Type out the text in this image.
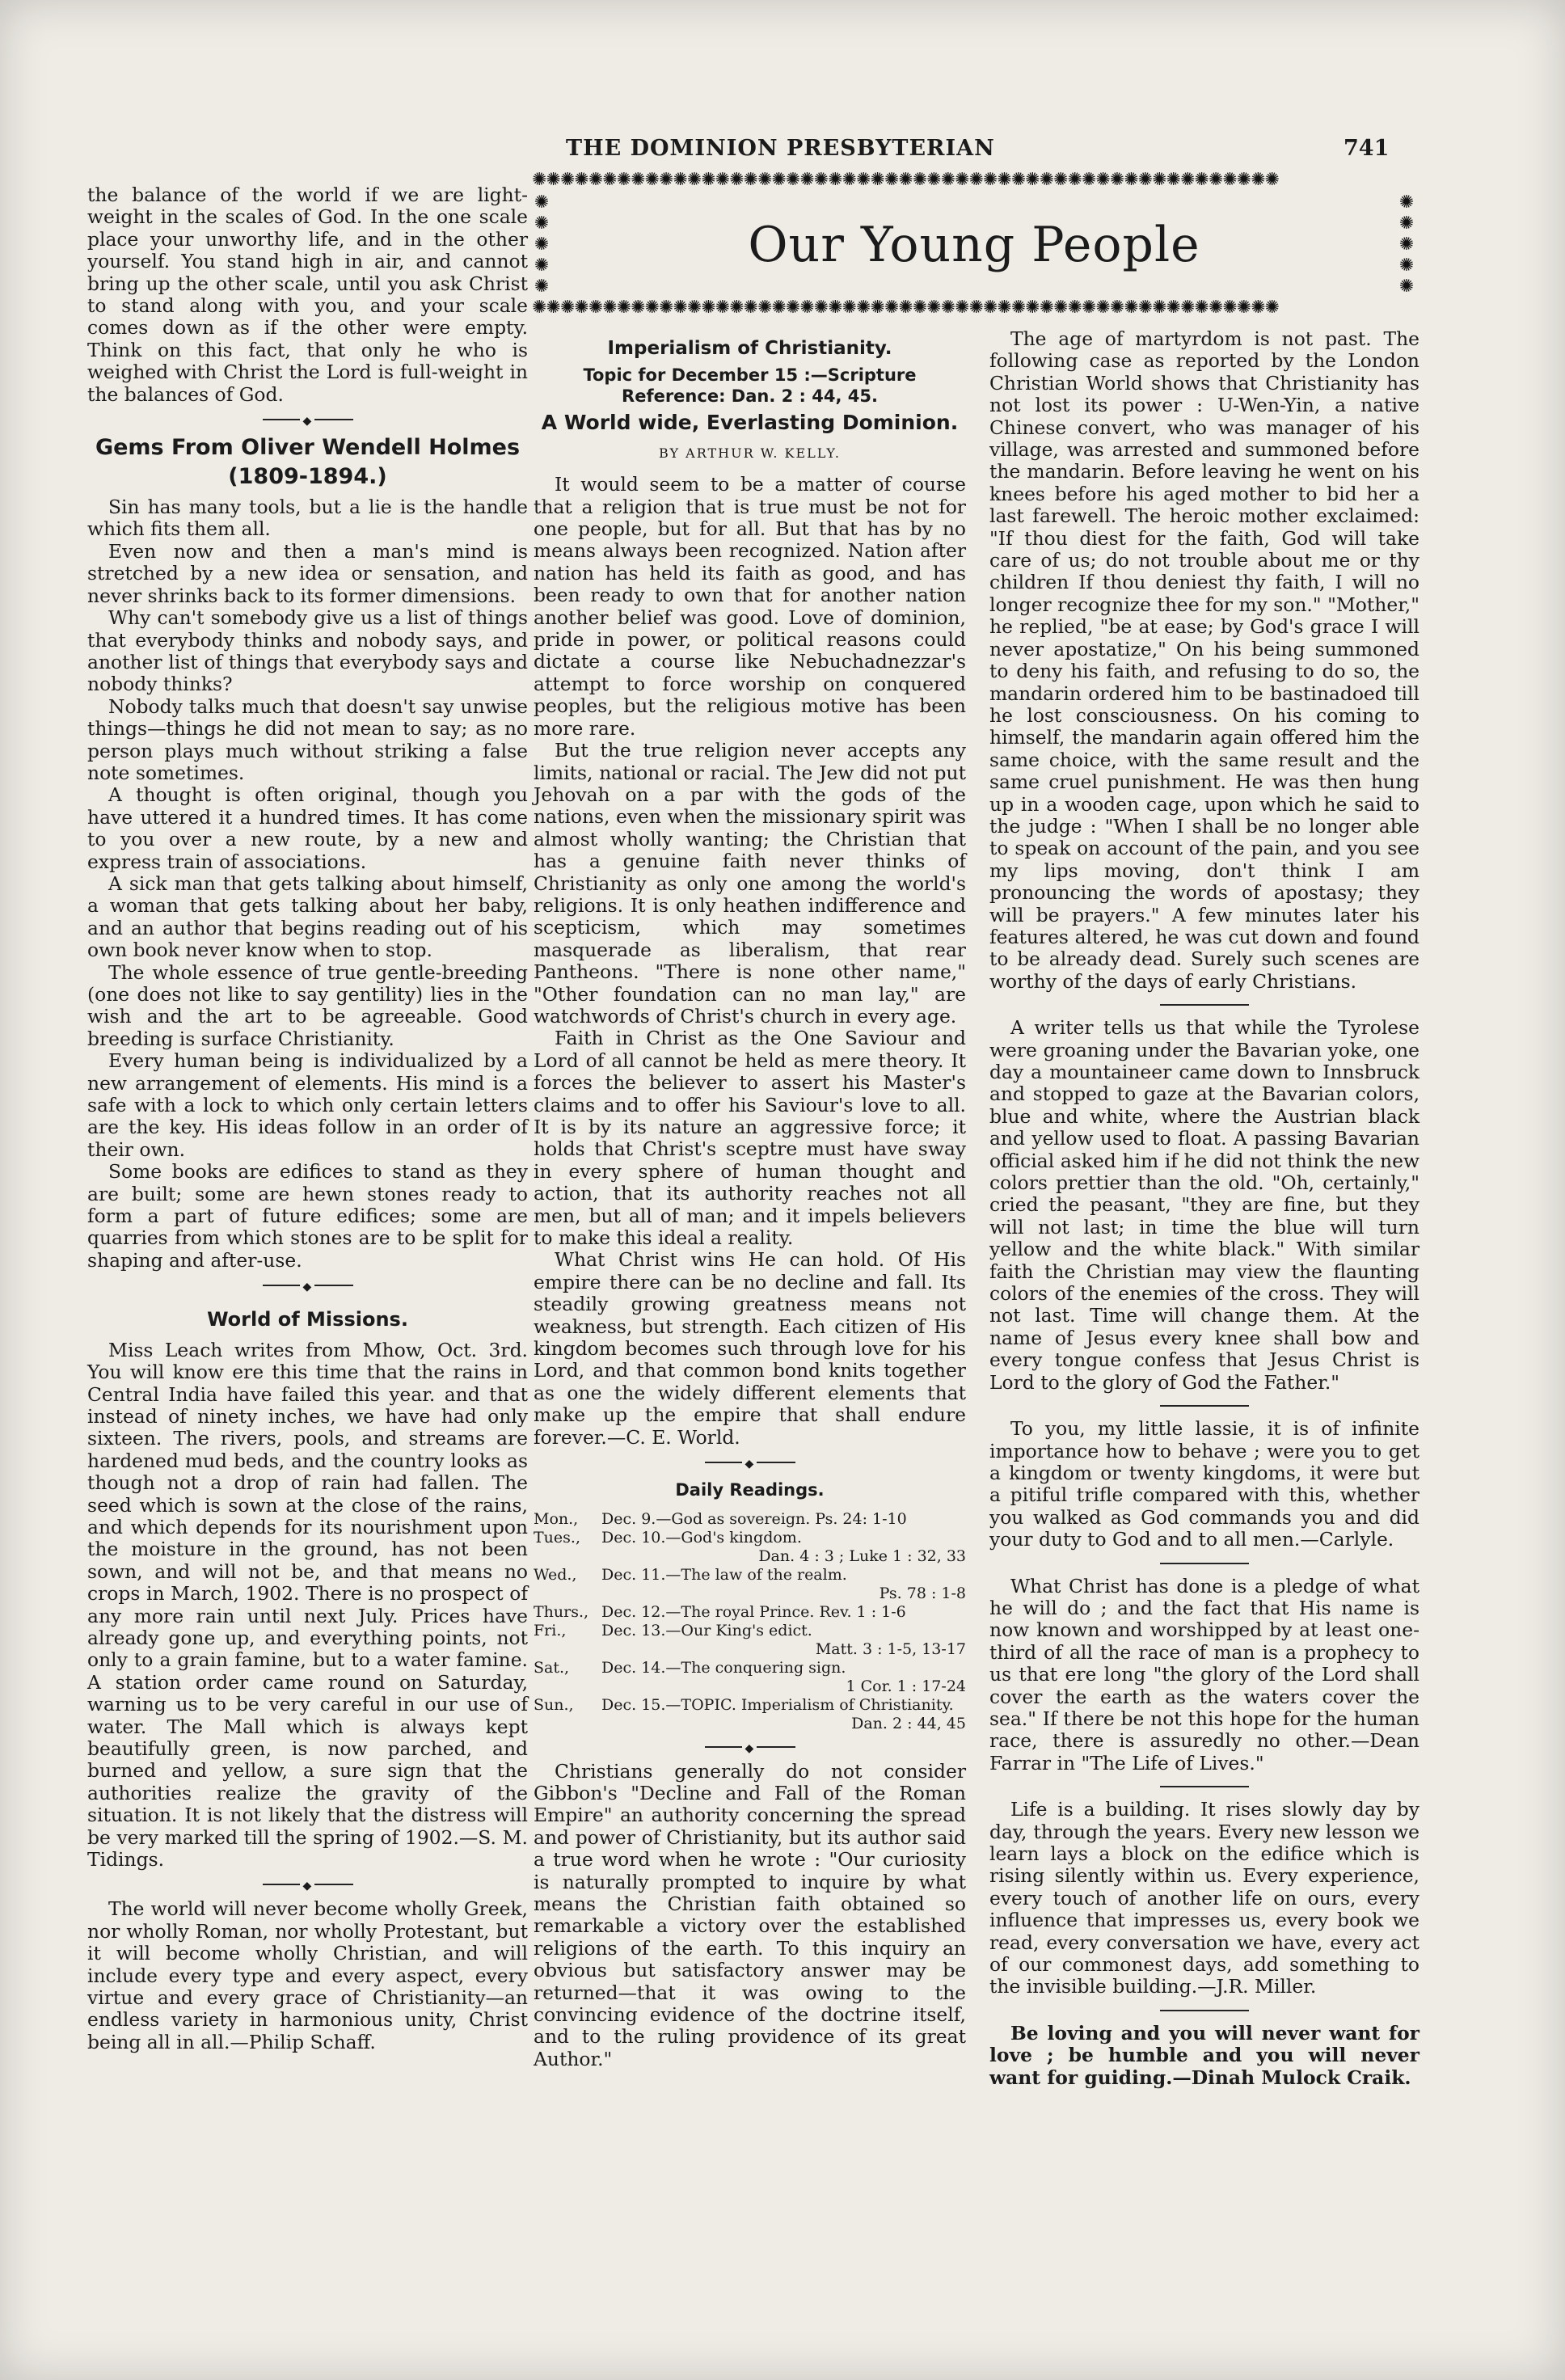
THE DOMINION PRESBYTERIAN	741
✺✺✺✺✺✺✺✺✺✺✺✺✺✺✺✺✺✺✺✺✺✺✺✺✺✺✺✺✺✺✺✺✺✺✺✺✺✺✺✺✺✺✺✺✺✺✺✺✺✺✺✺✺
✺ ✺ ✺ ✺ ✺
✺ ✺ ✺ ✺ ✺
Our Young People
✺✺✺✺✺✺✺✺✺✺✺✺✺✺✺✺✺✺✺✺✺✺✺✺✺✺✺✺✺✺✺✺✺✺✺✺✺✺✺✺✺✺✺✺✺✺✺✺✺✺✺✺✺

the balance of the world if we are light-weight in the scales of God. In the one scale place your unworthy life, and in the other yourself. You stand high in air, and cannot bring up the other scale, until you ask Christ to stand along with you, and your scale comes down as if the other were empty. Think on this fact, that only he who is weighed with Christ the Lord is full-weight in the balances of God.

◆
Gems From Oliver Wendell Holmes (1809-1894.)

Sin has many tools, but a lie is the handle which fits them all.

Even now and then a man's mind is stretched by a new idea or sensation, and never shrinks back to its former dimensions.

Why can't somebody give us a list of things that everybody thinks and nobody says, and another list of things that everybody says and nobody thinks?

Nobody talks much that doesn't say unwise things—things he did not mean to say; as no person plays much without striking a false note sometimes.

A thought is often original, though you have uttered it a hundred times. It has come to you over a new route, by a new and express train of associations.

A sick man that gets talking about himself, a woman that gets talking about her baby, and an author that begins reading out of his own book never know when to stop.

The whole essence of true gentle-breeding (one does not like to say gentility) lies in the wish and the art to be agreeable. Good breeding is surface Christianity.

Every human being is individualized by a new arrangement of elements. His mind is a safe with a lock to which only certain letters are the key. His ideas follow in an order of their own.

Some books are edifices to stand as they are built; some are hewn stones ready to form a part of future edifices; some are quarries from which stones are to be split for shaping and after-use.

◆
World of Missions.

Miss Leach writes from Mhow, Oct. 3rd. You will know ere this time that the rains in Central India have failed this year. and that instead of ninety inches, we have had only sixteen. The rivers, pools, and streams are hardened mud beds, and the country looks as though not a drop of rain had fallen. The seed which is sown at the close of the rains, and which depends for its nourishment upon the moisture in the ground, has not been sown, and will not be, and that means no crops in March, 1902. There is no prospect of any more rain until next July. Prices have already gone up, and everything points, not only to a grain famine, but to a water famine. A station order came round on Saturday, warning us to be very careful in our use of water. The Mall which is always kept beautifully green, is now parched, and burned and yellow, a sure sign that the authorities realize the gravity of the situation. It is not likely that the distress will be very marked till the spring of 1902.—S. M. Tidings.

◆

The world will never become wholly Greek, nor wholly Roman, nor wholly Protestant, but it will become wholly Christian, and will include every type and every aspect, every virtue and every grace of Christianity—an endless variety in harmonious unity, Christ being all in all.—Philip Schaff.

Imperialism of Christianity.
Topic for December 15 :—Scripture Reference: Dan. 2 : 44, 45.
A World wide, Everlasting Dominion.
BY ARTHUR W. KELLY.

It would seem to be a matter of course that a religion that is true must be not for one people, but for all. But that has by no means always been recognized. Nation after nation has held its faith as good, and has been ready to own that for another nation another belief was good. Love of dominion, pride in power, or political reasons could dictate a course like Nebuchadnezzar's attempt to force worship on conquered peoples, but the religious motive has been more rare.

But the true religion never accepts any limits, national or racial. The Jew did not put Jehovah on a par with the gods of the nations, even when the missionary spirit was almost wholly wanting; the Christian that has a genuine faith never thinks of Christianity as only one among the world's religions. It is only heathen indifference and scepticism, which may sometimes masquerade as liberalism, that rear Pantheons. "There is none other name," "Other foundation can no man lay," are watchwords of Christ's church in every age.

Faith in Christ as the One Saviour and Lord of all cannot be held as mere theory. It forces the believer to assert his Master's claims and to offer his Saviour's love to all. It is by its nature an aggressive force; it holds that Christ's sceptre must have sway in every sphere of human thought and action, that its authority reaches not all men, but all of man; and it impels believers to make this ideal a reality.

What Christ wins He can hold. Of His empire there can be no decline and fall. Its steadily growing greatness means not weakness, but strength. Each citizen of His kingdom becomes such through love for his Lord, and that common bond knits together as one the widely different elements that make up the empire that shall endure forever.—C. E. World.

◆
Daily Readings.
Mon.,	Dec. 9.—God as sovereign. Ps. 24: 1-10
Tues.,	Dec. 10.—God's kingdom.
Dan. 4 : 3 ; Luke 1 : 32, 33
Wed.,	Dec. 11.—The law of the realm.
Ps. 78 : 1-8
Thurs., Dec. 12.—The royal Prince. Rev. 1 : 1-6
Fri.,	Dec. 13.—Our King's edict.
Matt. 3 : 1-5, 13-17
Sat.,	Dec. 14.—The conquering sign.
1 Cor. 1 : 17-24
Sun.,	Dec. 15.—TOPIC. Imperialism of Christianity.
Dan. 2 : 44, 45
◆

Christians generally do not consider Gibbon's "Decline and Fall of the Roman Empire" an authority concerning the spread and power of Christianity, but its author said a true word when he wrote : "Our curiosity is naturally prompted to inquire by what means the Christian faith obtained so remarkable a victory over the established religions of the earth. To this inquiry an obvious but satisfactory answer may be returned—that it was owing to the convincing evidence of the doctrine itself, and to the ruling providence of its great Author."

The age of martyrdom is not past. The following case as reported by the London Christian World shows that Christianity has not lost its power : U-Wen-Yin, a native Chinese convert, who was manager of his village, was arrested and summoned before the mandarin. Before leaving he went on his knees before his aged mother to bid her a last farewell. The heroic mother exclaimed: "If thou diest for the faith, God will take care of us; do not trouble about me or thy children If thou deniest thy faith, I will no longer recognize thee for my son." "Mother," he replied, "be at ease; by God's grace I will never apostatize," On his being summoned to deny his faith, and refusing to do so, the mandarin ordered him to be bastinadoed till he lost consciousness. On his coming to himself, the mandarin again offered him the same choice, with the same result and the same cruel punishment. He was then hung up in a wooden cage, upon which he said to the judge : "When I shall be no longer able to speak on account of the pain, and you see my lips moving, don't think I am pronouncing the words of apostasy; they will be prayers." A few minutes later his features altered, he was cut down and found to be already dead. Surely such scenes are worthy of the days of early Christians.

A writer tells us that while the Tyrolese were groaning under the Bavarian yoke, one day a mountaineer came down to Innsbruck and stopped to gaze at the Bavarian colors, blue and white, where the Austrian black and yellow used to float. A passing Bavarian official asked him if he did not think the new colors prettier than the old. "Oh, certainly," cried the peasant, "they are fine, but they will not last; in time the blue will turn yellow and the white black." With similar faith the Christian may view the flaunting colors of the enemies of the cross. They will not last. Time will change them. At the name of Jesus every knee shall bow and every tongue confess that Jesus Christ is Lord to the glory of God the Father."

To you, my little lassie, it is of infinite importance how to behave ; were you to get a kingdom or twenty kingdoms, it were but a pitiful trifle compared with this, whether you walked as God commands you and did your duty to God and to all men.—Carlyle.

What Christ has done is a pledge of what he will do ; and the fact that His name is now known and worshipped by at least one-third of all the race of man is a prophecy to us that ere long "the glory of the Lord shall cover the earth as the waters cover the sea." If there be not this hope for the human race, there is assuredly no other.—Dean Farrar in "The Life of Lives."

Life is a building. It rises slowly day by day, through the years. Every new lesson we learn lays a block on the edifice which is rising silently within us. Every experience, every touch of another life on ours, every influence that impresses us, every book we read, every conversation we have, every act of our commonest days, add something to the invisible building.—J.R. Miller.

Be loving and you will never want for love ; be humble and you will never want for guiding.—Dinah Mulock Craik.
